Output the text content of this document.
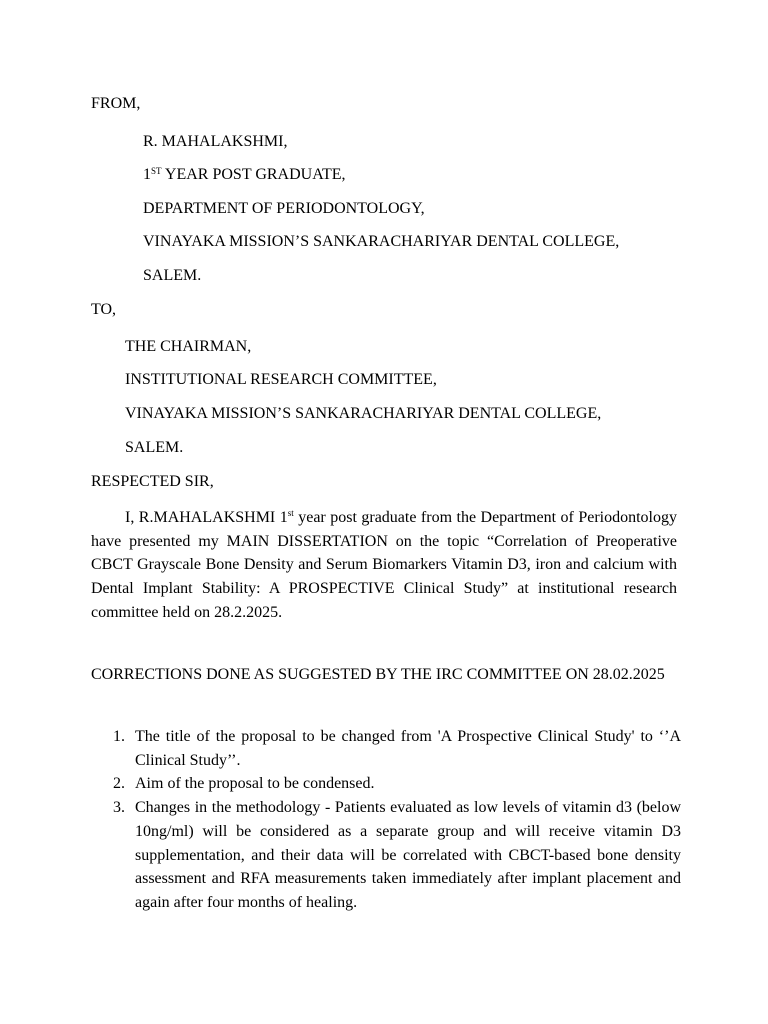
FROM,
R. MAHALAKSHMI,
1ST YEAR POST GRADUATE,
DEPARTMENT OF PERIODONTOLOGY,
VINAYAKA MISSION’S SANKARACHARIYAR DENTAL COLLEGE,
SALEM.
TO,
THE CHAIRMAN,
INSTITUTIONAL RESEARCH COMMITTEE,
VINAYAKA MISSION’S SANKARACHARIYAR DENTAL COLLEGE,
SALEM.
RESPECTED SIR,
I, R.MAHALAKSHMI 1st year post graduate from the Department of Periodontology have presented my MAIN DISSERTATION on the topic “Correlation of Preoperative CBCT Grayscale Bone Density and Serum Biomarkers Vitamin D3, iron and calcium with Dental Implant Stability: A PROSPECTIVE Clinical Study” at institutional research committee held on 28.2.2025.
CORRECTIONS DONE AS SUGGESTED BY THE IRC COMMITTEE ON 28.02.2025
1. The title of the proposal to be changed from 'A Prospective Clinical Study' to ‘’A Clinical Study’’.
2. Aim of the proposal to be condensed.
3. Changes in the methodology - Patients evaluated as low levels of vitamin d3 (below 10ng/ml) will be considered as a separate group and will receive vitamin D3 supplementation, and their data will be correlated with CBCT-based bone density assessment and RFA measurements taken immediately after implant placement and again after four months of healing.
